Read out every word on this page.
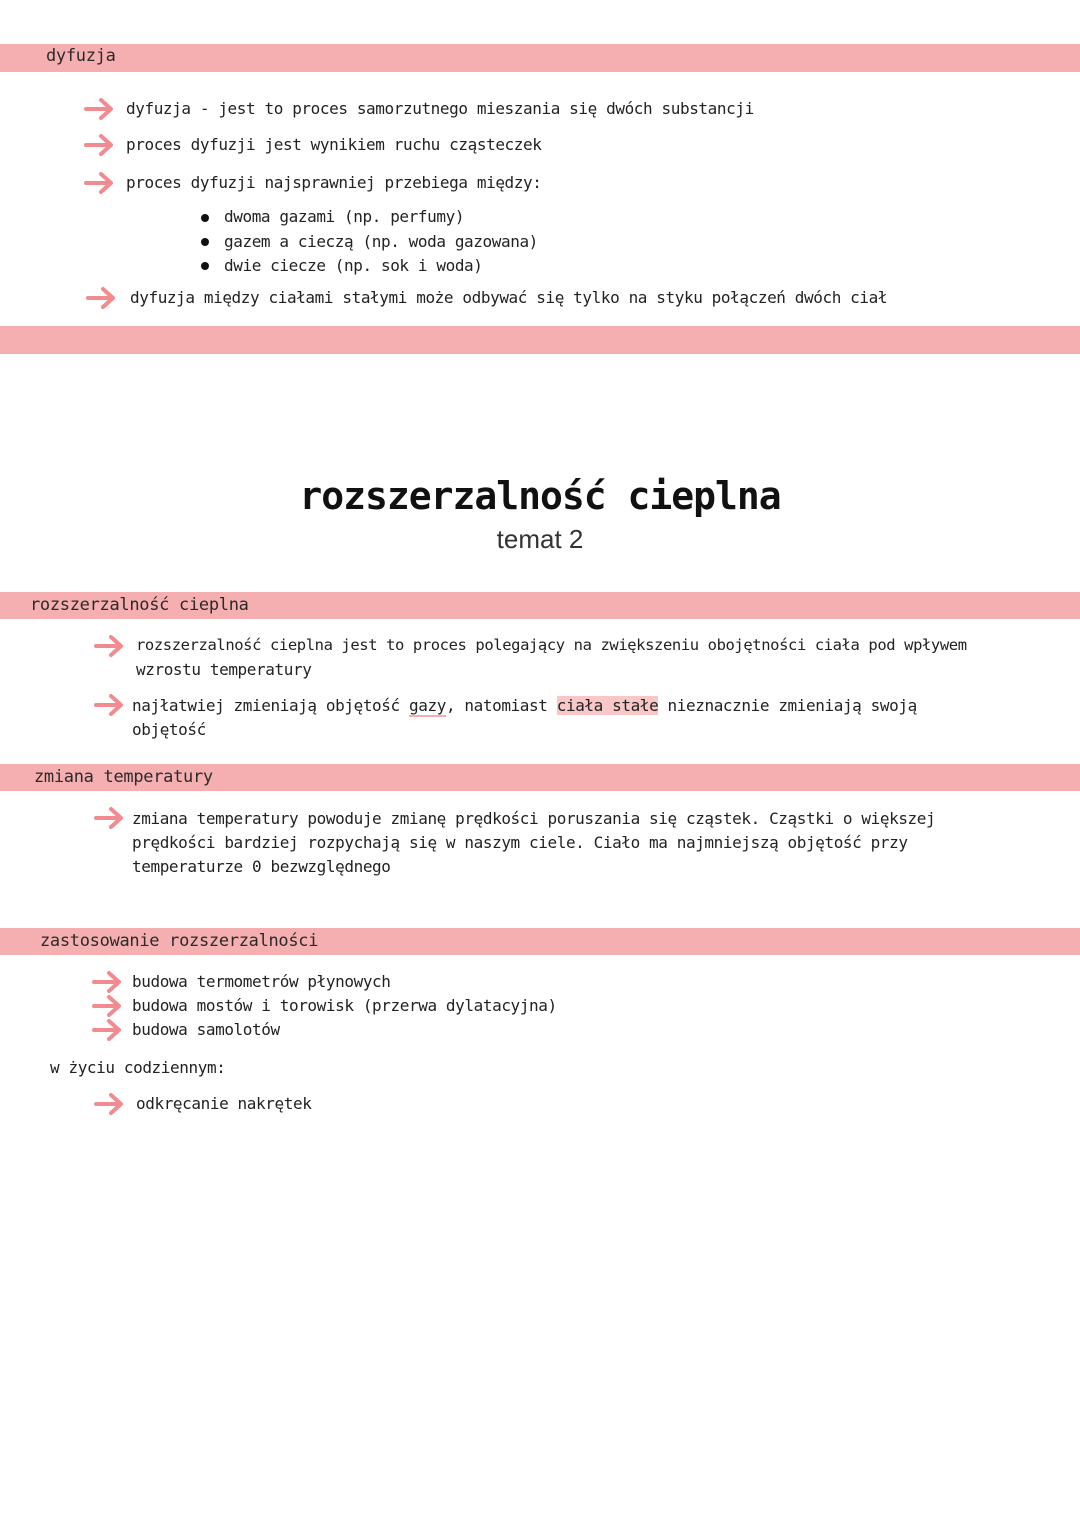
dyfuzja
dyfuzja - jest to proces samorzutnego mieszania się dwóch substancji
proces dyfuzji jest wynikiem ruchu cząsteczek
proces dyfuzji najsprawniej przebiega między:
dwoma gazami (np. perfumy)
gazem a cieczą (np. woda gazowana)
dwie ciecze (np. sok i woda)
dyfuzja między ciałami stałymi może odbywać się tylko na styku połączeń dwóch ciał
rozszerzalność cieplna
temat 2
rozszerzalność cieplna
rozszerzalność cieplna jest to proces polegający na zwiększeniu obojętności ciała pod wpływem
wzrostu temperatury
najłatwiej zmieniają objętość gazy, natomiast ciała stałe nieznacznie zmieniają swoją
objętość
zmiana temperatury
zmiana temperatury powoduje zmianę prędkości poruszania się cząstek. Cząstki o większej
prędkości bardziej rozpychają się w naszym ciele. Ciało ma najmniejszą objętość przy
temperaturze 0 bezwzględnego
zastosowanie rozszerzalności
budowa termometrów płynowych
budowa mostów i torowisk (przerwa dylatacyjna)
budowa samolotów
w życiu codziennym:
odkręcanie nakrętek
